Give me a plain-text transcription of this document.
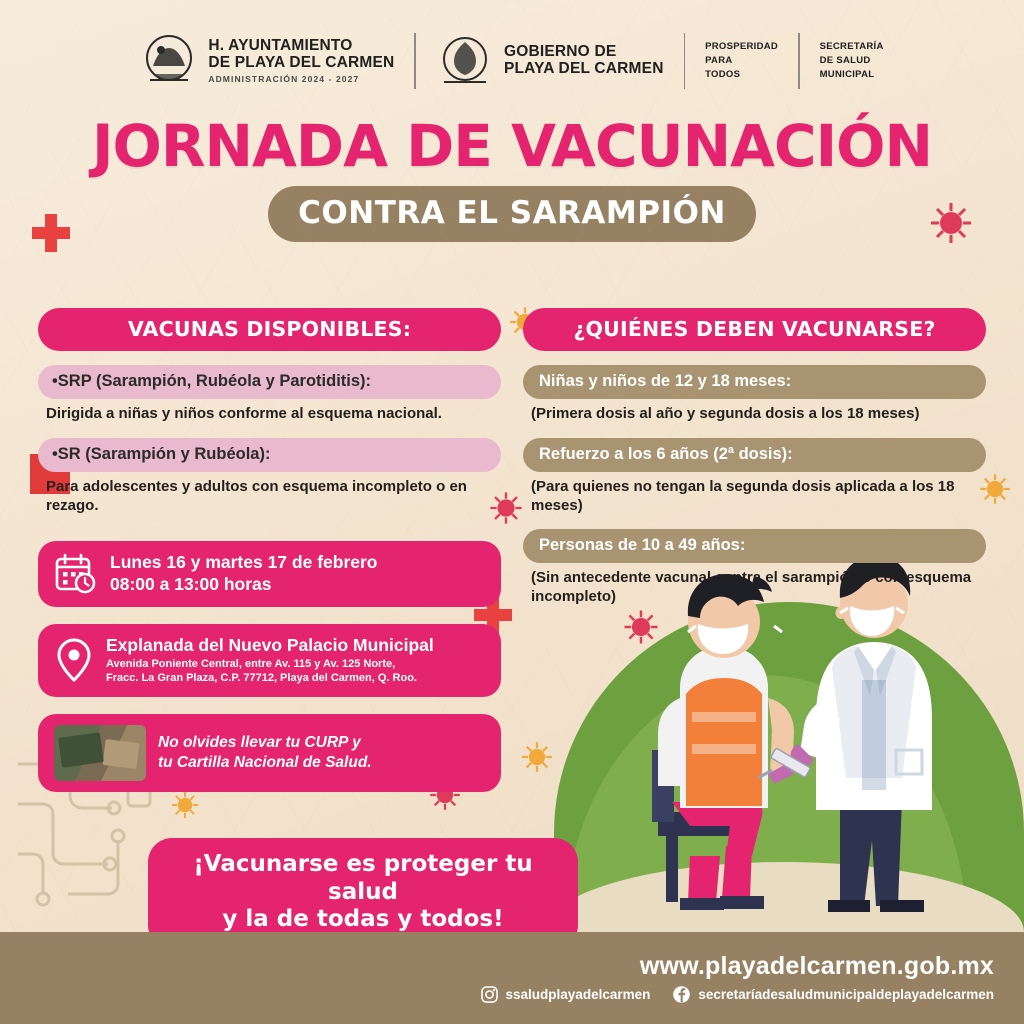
H. AYUNTAMIENTO
DE PLAYA DEL CARMEN
ADMINISTRACIÓN 2024 - 2027
GOBIERNO DE
PLAYA DEL CARMEN
PROSPERIDAD
PARA
TODOS
SECRETARÍA
DE SALUD
MUNICIPAL
JORNADA DE VACUNACIÓN
CONTRA EL SARAMPIÓN
VACUNAS DISPONIBLES:
•SRP (Sarampión, Rubéola y Parotiditis):
Dirigida a niñas y niños conforme al esquema nacional.
•SR (Sarampión y Rubéola):
Para adolescentes y adultos con esquema incompleto o en rezago.
Lunes 16 y martes 17 de febrero
08:00 a 13:00 horas
Explanada del Nuevo Palacio Municipal
Avenida Poniente Central, entre Av. 115 y Av. 125 Norte,
Fracc. La Gran Plaza, C.P. 77712, Playa del Carmen, Q. Roo.
No olvides llevar tu CURP y
tu Cartilla Nacional de Salud.
¿QUIÉNES DEBEN VACUNARSE?
Niñas y niños de 12 y 18 meses:
(Primera dosis al año y segunda dosis a los 18 meses)
Refuerzo a los 6 años (2ª dosis):
(Para quienes no tengan la segunda dosis aplicada a los 18 meses)
Personas de 10 a 49 años:
(Sin antecedente vacunal contra el sarampión o con esquema incompleto)
¡Vacunarse es proteger tu salud
y la de todas y todos!
www.playadelcarmen.gob.mx
ssaludplayadelcarmen	secretaríadesaludmunicipaldeplayadelcarmen
